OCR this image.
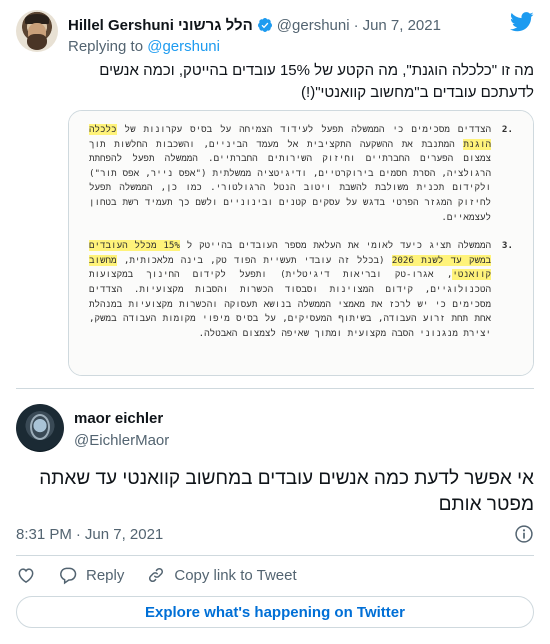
Hillel Gershuni הלל גרשוני @gershuni · Jun 7, 2021
Replying to @gershuni
מה זו "כלכלה הוגנת", מה הקטע של 15% עובדים בהייטק, וכמה אנשים לדעתכם עובדים ב"מחשוב קוואנטי"(!)
.2
הצדדים מסכימים כי הממשלה תפעל לעידוד הצמיחה על בסיס עקרונות של כלכלה הוגנת המתנבת את ההשקעה התקציבית אל מעמד הביניים, והשכבות החלשות תוך צמצום הפערים החברתיים וחיזוק השירותים החברתיים. הממשלה תפעל להפחתת הרגולציה, הסרת חסמים בירוקרטיים, ודיגיטציה ממשלתית ("אפס נייר, אפס תור") ולקידום תכנית משולבת להשבת ויטוב הנטל הרגולטורי. כמו כן, הממשלה תפעל לחיזוק המגזר הפרטי בדגש על עסקים קטנים ובינוניים ולשם כך תעמיד רשת בטחון לעצמאיים.
.3
הממשלה תציג כיעד לאומי את העלאת מספר העובדים בהייטק ל 15% מכלל העובדים במשק עד לשנת 2026 (בכלל זה עובדי תעשיית הפוד טק, בינה מלאכותית, מחשוב קוואנטי, אגרו-טק ובריאות דיגיטלית) ותפעל לקידום החינוך במקצועות הטכנולוגיים, קידום המצוינות וסבסוד הכשרות והסבות מקצועיות. הצדדים מסכימים כי יש לרכז את מאמצי הממשלה בנושא תעסוקה והכשרות מקצועיות במנהלת אחת תחת זרוע העבודה, בשיתוף המעסיקים, על בסיס מיפוי מקומות העבודה במשק, יצירת מנגנוני הסבה מקצועית ומתוך שאיפה לצמצום האבטלה.
maor eichler
@EichlerMaor
אי אפשר לדעת כמה אנשים עובדים במחשוב קוואנטי עד שאתה מפטר אותם
8:31 PM · Jun 7, 2021
Reply	Copy link to Tweet
Explore what's happening on Twitter
